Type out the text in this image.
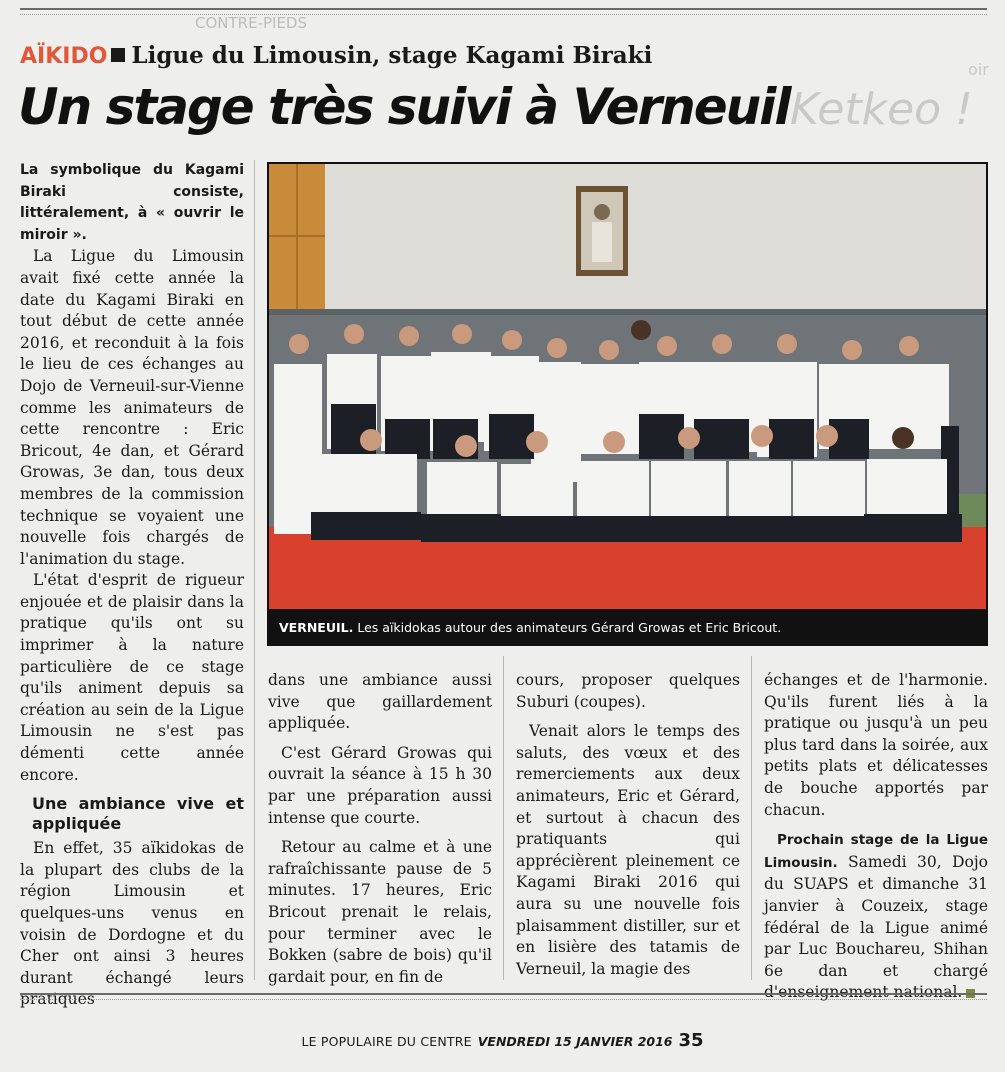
CONTRE-PIEDS
oir
Ketkeo !
AÏKIDO Ligue du Limousin, stage Kagami Biraki
Un stage très suivi à Verneuil

La symbolique du Kagami Biraki consiste, littéralement, à « ouvrir le miroir ».

La Ligue du Limousin avait fixé cette année la date du Kagami Biraki en tout début de cette année 2016, et reconduit à la fois le lieu de ces échanges au Dojo de Verneuil-sur-Vienne comme les animateurs de cette rencontre : Eric Bricout, 4e dan, et Gérard Growas, 3e dan, tous deux membres de la commission technique se voyaient une nouvelle fois chargés de l'animation du stage.

L'état d'esprit de rigueur enjouée et de plaisir dans la pratique qu'ils ont su imprimer à la nature particulière de ce stage qu'ils animent depuis sa création au sein de la Ligue Limousin ne s'est pas démenti cette année encore.

Une ambiance vive et appliquée

En effet, 35 aïkidokas de la plupart des clubs de la région Limousin et quelques-uns venus en voisin de Dordogne et du Cher ont ainsi 3 heures durant échangé leurs pratiques

VERNEUIL. Les aïkidokas autour des animateurs Gérard Growas et Eric Bricout.

dans une ambiance aussi vive que gaillardement appliquée.

C'est Gérard Growas qui ouvrait la séance à 15 h 30 par une préparation aussi intense que courte.

Retour au calme et à une rafraîchissante pause de 5 minutes. 17 heures, Eric Bricout prenait le relais, pour terminer avec le Bokken (sabre de bois) qu'il gardait pour, en fin de

cours, proposer quelques Suburi (coupes).

Venait alors le temps des saluts, des vœux et des remerciements aux deux animateurs, Eric et Gérard, et surtout à chacun des pratiquants qui apprécièrent pleinement ce Kagami Biraki 2016 qui aura su une nouvelle fois plaisamment distiller, sur et en lisière des tatamis de Verneuil, la magie des

échanges et de l'harmonie. Qu'ils furent liés à la pratique ou jusqu'à un peu plus tard dans la soirée, aux petits plats et délicatesses de bouche apportés par chacun.

Prochain stage de la Ligue Limousin. Samedi 30, Dojo du SUAPS et dimanche 31 janvier à Couzeix, stage fédéral de la Ligue animé par Luc Bouchareu, Shihan 6e dan et chargé d'enseignement national.

LE POPULAIRE DU CENTRE VENDREDI 15 JANVIER 2016 35
